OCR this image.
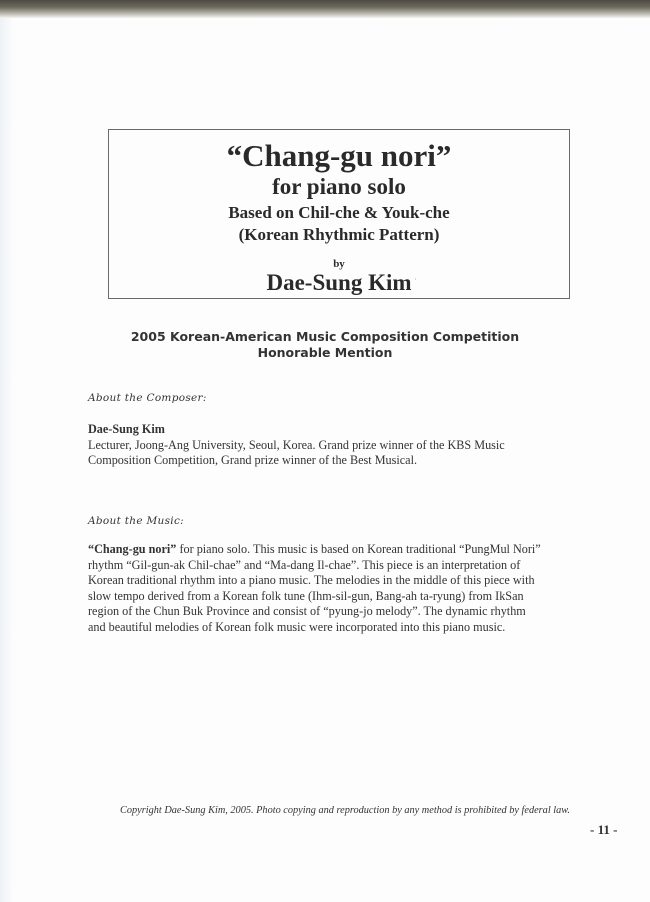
“Chang-gu nori”
for piano solo
Based on Chil-che & Youk-che
(Korean Rhythmic Pattern)
by
Dae-Sung Kim ʻ
2005 Korean-American Music Composition Competition
Honorable Mention
About the Composer:
Dae-Sung Kim
Lecturer, Joong-Ang University, Seoul, Korea. Grand prize winner of the KBS Music
Composition Competition, Grand prize winner of the Best Musical.
About the Music:
“Chang-gu nori” for piano solo. This music is based on Korean traditional “PungMul Nori”
rhythm “Gil-gun-ak Chil-chae” and “Ma-dang Il-chae”. This piece is an interpretation of
Korean traditional rhythm into a piano music. The melodies in the middle of this piece with
slow tempo derived from a Korean folk tune (Ihm-sil-gun, Bang-ah ta-ryung) from IkSan
region of the Chun Buk Province and consist of “pyung-jo melody”. The dynamic rhythm
and beautiful melodies of Korean folk music were incorporated into this piano music.
Copyright Dae-Sung Kim, 2005. Photo copying and reproduction by any method is prohibited by federal law.
- 11 -
